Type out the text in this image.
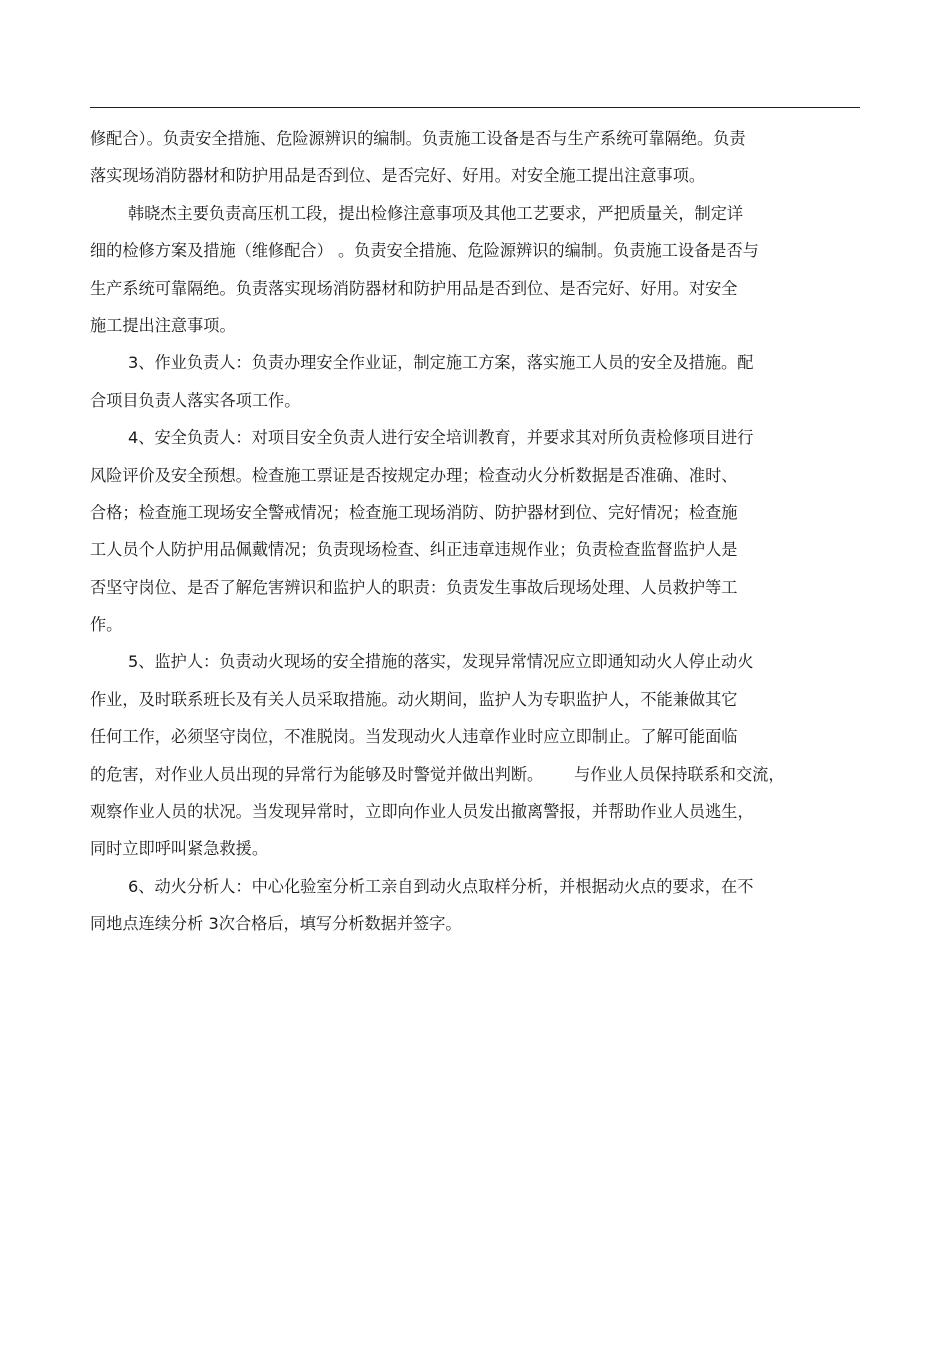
修配合）。负责安全措施、危险源辨识的编制。负责施工设备是否与生产系统可靠隔绝。负责
落实现场消防器材和防护用品是否到位、是否完好、好用。对安全施工提出注意事项。
韩晓杰主要负责高压机工段，提出检修注意事项及其他工艺要求，严把质量关，制定详
细的检修方案及措施（维修配合） 。负责安全措施、危险源辨识的编制。负责施工设备是否与
生产系统可靠隔绝。负责落实现场消防器材和防护用品是否到位、是否完好、好用。对安全
施工提出注意事项。
3、作业负责人：负责办理安全作业证，制定施工方案，落实施工人员的安全及措施。配
合项目负责人落实各项工作。
4、安全负责人：对项目安全负责人进行安全培训教育，并要求其对所负责检修项目进行
风险评价及安全预想。检查施工票证是否按规定办理；检查动火分析数据是否准确、准时、
合格；检查施工现场安全警戒情况；检查施工现场消防、防护器材到位、完好情况；检查施
工人员个人防护用品佩戴情况；负责现场检查、纠正违章违规作业；负责检查监督监护人是
否坚守岗位、是否了解危害辨识和监护人的职责：负责发生事故后现场处理、人员救护等工
作。
5、监护人：负责动火现场的安全措施的落实，发现异常情况应立即通知动火人停止动火
作业，及时联系班长及有关人员采取措施。动火期间，监护人为专职监护人，不能兼做其它
任何工作，必须坚守岗位，不准脱岗。当发现动火人违章作业时应立即制止。了解可能面临
的危害，对作业人员出现的异常行为能够及时警觉并做出判断。      与作业人员保持联系和交流，
观察作业人员的状况。当发现异常时，立即向作业人员发出撤离警报，并帮助作业人员逃生，
同时立即呼叫紧急救援。
6、动火分析人：中心化验室分析工亲自到动火点取样分析，并根据动火点的要求，在不
同地点连续分析 3次合格后，填写分析数据并签字。
